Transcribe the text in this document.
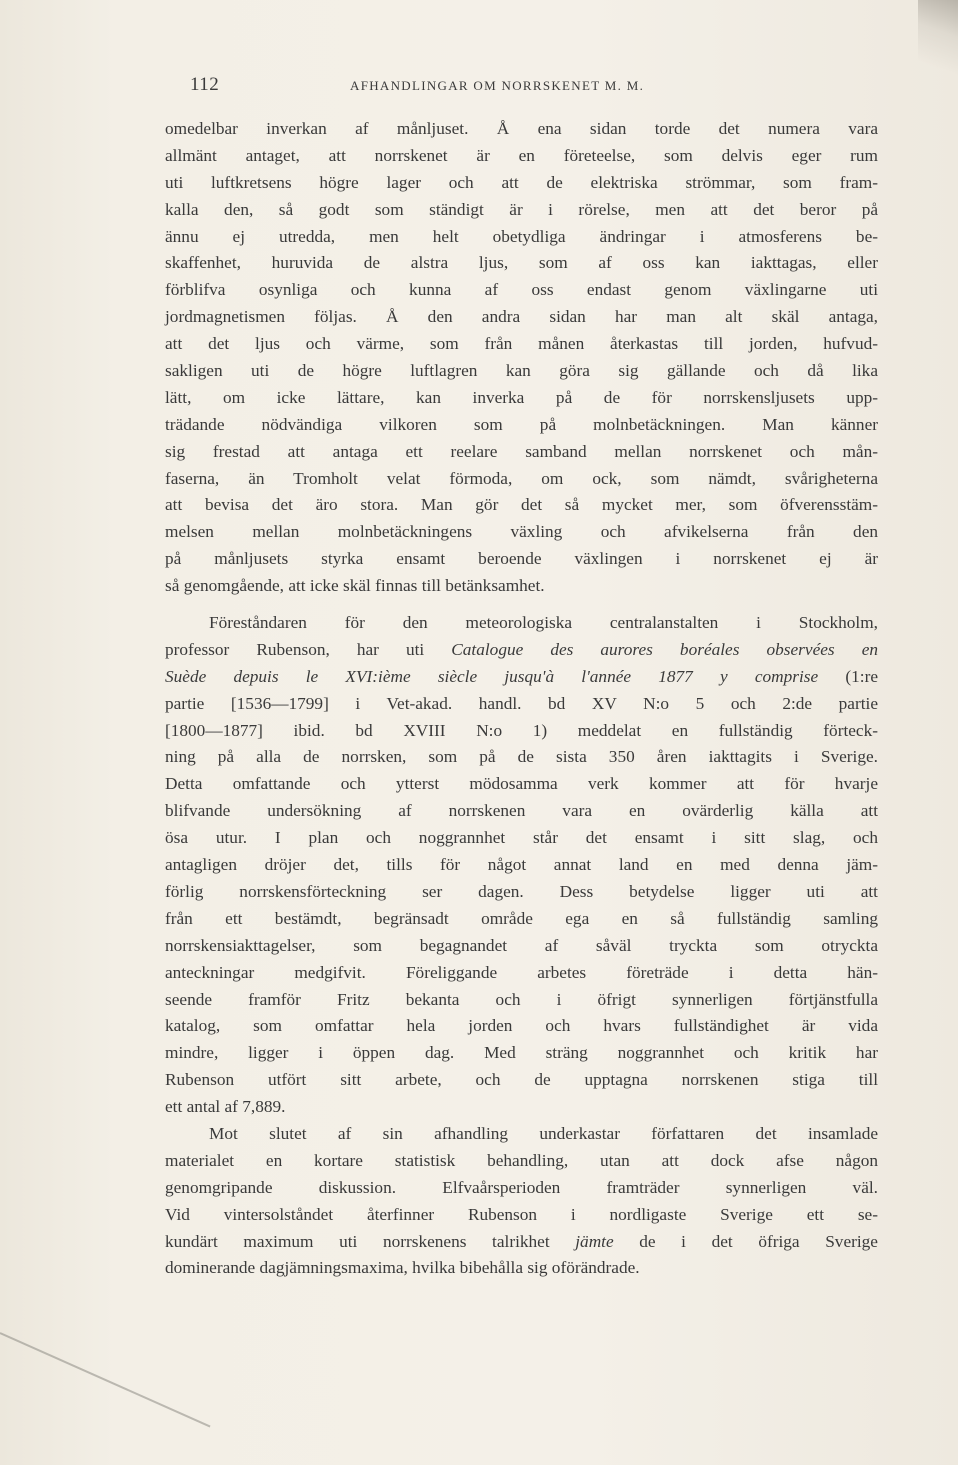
112	AFHANDLINGAR OM NORRSKENET M. M.
omedelbar inverkan af månljuset. Å ena sidan torde det numera vara
allmänt antaget, att norrskenet är en företeelse, som delvis eger rum
uti luftkretsens högre lager och att de elektriska strömmar, som fram-
kalla den, så godt som ständigt är i rörelse, men att det beror på
ännu ej utredda, men helt obetydliga ändringar i atmosferens be-
skaffenhet, huruvida de alstra ljus, som af oss kan iakttagas, eller
förblifva osynliga och kunna af oss endast genom växlingarne uti
jordmagnetismen följas. Å den andra sidan har man alt skäl antaga,
att det ljus och värme, som från månen återkastas till jorden, hufvud-
sakligen uti de högre luftlagren kan göra sig gällande och då lika
lätt, om icke lättare, kan inverka på de för norrskensljusets upp-
trädande nödvändiga vilkoren som på molnbetäckningen. Man känner
sig frestad att antaga ett reelare samband mellan norrskenet och mån-
faserna, än Tromholt velat förmoda, om ock, som nämdt, svårigheterna
att bevisa det äro stora. Man gör det så mycket mer, som öfverensstäm-
melsen mellan molnbetäckningens växling och afvikelserna från den
på månljusets styrka ensamt beroende växlingen i norrskenet ej är
så genomgående, att icke skäl finnas till betänksamhet.
Föreståndaren för den meteorologiska centralanstalten i Stockholm,
professor Rubenson, har uti Catalogue des aurores boréales observées en
Suède depuis le XVI:ième siècle jusqu'à l'année 1877 y comprise (1:re
partie [1536—1799] i Vet-akad. handl. bd XV N:o 5 och 2:de partie
[1800—1877] ibid. bd XVIII N:o 1) meddelat en fullständig förteck-
ning på alla de norrsken, som på de sista 350 åren iakttagits i Sverige.
Detta omfattande och ytterst mödosamma verk kommer att för hvarje
blifvande undersökning af norrskenen vara en ovärderlig källa att
ösa utur. I plan och noggrannhet står det ensamt i sitt slag, och
antagligen dröjer det, tills för något annat land en med denna jäm-
förlig norrskensförteckning ser dagen. Dess betydelse ligger uti att
från ett bestämdt, begränsadt område ega en så fullständig samling
norrskensiakttagelser, som begagnandet af såväl tryckta som otryckta
anteckningar medgifvit. Föreliggande arbetes företräde i detta hän-
seende framför Fritz bekanta och i öfrigt synnerligen förtjänstfulla
katalog, som omfattar hela jorden och hvars fullständighet är vida
mindre, ligger i öppen dag. Med sträng noggrannhet och kritik har
Rubenson utfört sitt arbete, och de upptagna norrskenen stiga till
ett antal af 7,889.
Mot slutet af sin afhandling underkastar författaren det insamlade
materialet en kortare statistisk behandling, utan att dock afse någon
genomgripande diskussion. Elfvaårsperioden framträder synnerligen väl.
Vid vintersolståndet återfinner Rubenson i nordligaste Sverige ett se-
kundärt maximum uti norrskenens talrikhet jämte de i det öfriga Sverige
dominerande dagjämningsmaxima, hvilka bibehålla sig oförändrade.
